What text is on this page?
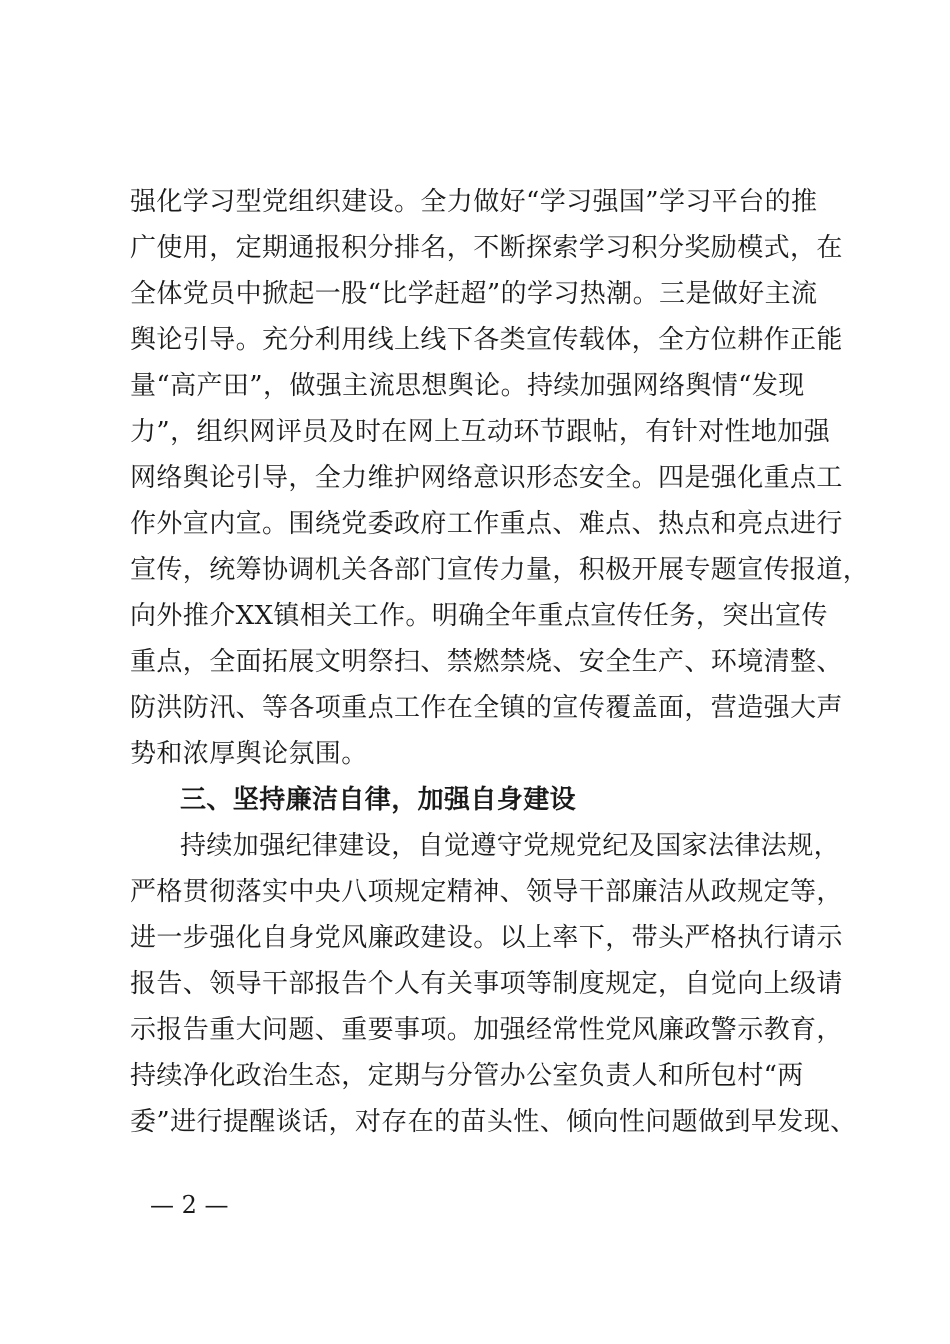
强化学习型党组织建设。全力做好“学习强国”学习平台的推
广使用，定期通报积分排名，不断探索学习积分奖励模式，在
全体党员中掀起一股“比学赶超”的学习热潮。三是做好主流
舆论引导。充分利用线上线下各类宣传载体，全方位耕作正能
量“高产田”，做强主流思想舆论。持续加强网络舆情“发现
力”，组织网评员及时在网上互动环节跟帖，有针对性地加强
网络舆论引导，全力维护网络意识形态安全。四是强化重点工
作外宣内宣。围绕党委政府工作重点、难点、热点和亮点进行
宣传，统筹协调机关各部门宣传力量，积极开展专题宣传报道，
向外推介XX镇相关工作。明确全年重点宣传任务，突出宣传
重点，全面拓展文明祭扫、禁燃禁烧、安全生产、环境清整、
防洪防汛、等各项重点工作在全镇的宣传覆盖面，营造强大声
势和浓厚舆论氛围。
三、坚持廉洁自律，加强自身建设
持续加强纪律建设，自觉遵守党规党纪及国家法律法规，
严格贯彻落实中央八项规定精神、领导干部廉洁从政规定等，
进一步强化自身党风廉政建设。以上率下，带头严格执行请示
报告、领导干部报告个人有关事项等制度规定，自觉向上级请
示报告重大问题、重要事项。加强经常性党风廉政警示教育，
持续净化政治生态，定期与分管办公室负责人和所包村“两
委”进行提醒谈话，对存在的苗头性、倾向性问题做到早发现、
— 2 —
